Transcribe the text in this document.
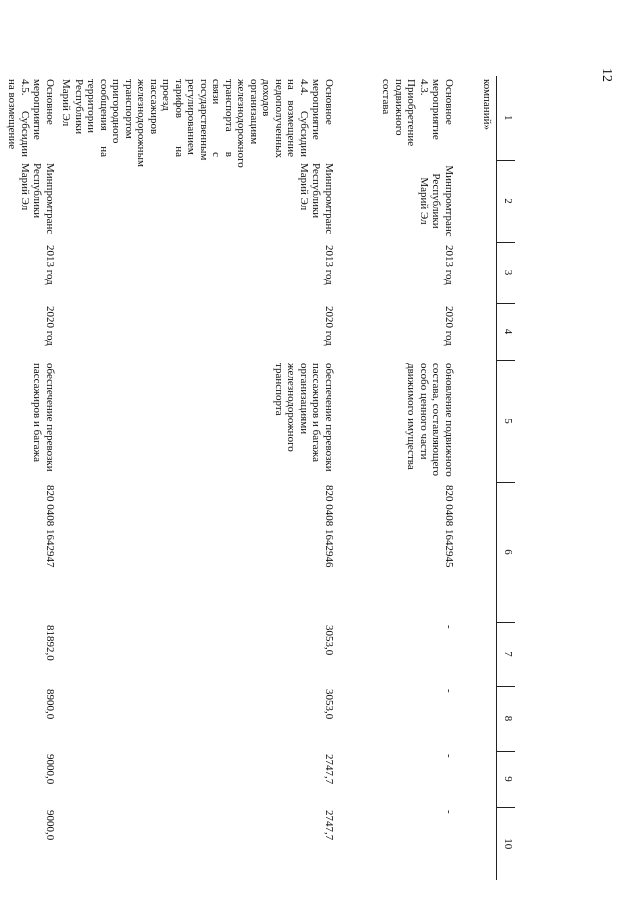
12
1	2	3	4	5	6	7	8	9	10
компаний»									
Основное мероприятие 4.3. Приобретение подвижного состава	Минпромтранс Республики Марий Эл	2013 год	2020 год	обновление подвижного состава, составляющего особо ценного части движимого имущества	820 0408 1642945	-	-	-	-
Основное мероприятие 4.4. Субсидии на возмещение недополученных доходов организациям железнодорожного транспорта в связи с государственным регулированием тарифов на проезд пассажиров железнодорожным транспортом пригородного сообщения на территории Республики Марий Эл	Минпромтранс Республики Марий Эл	2013 год	2020 год	обеспечение перевозки пассажиров и багажа организациями железнодорожного транспорта	820 0408 1642946	3053,0	3053,0	2747,7	2747,7
Основное мероприятие 4.5. Субсидии на возмещение	Минпромтранс Республики Марий Эл	2013 год	2020 год	обеспечение перевозки пассажиров и багажа	820 0408 1642947	81892,0	8900,0	9000,0	9000,0
